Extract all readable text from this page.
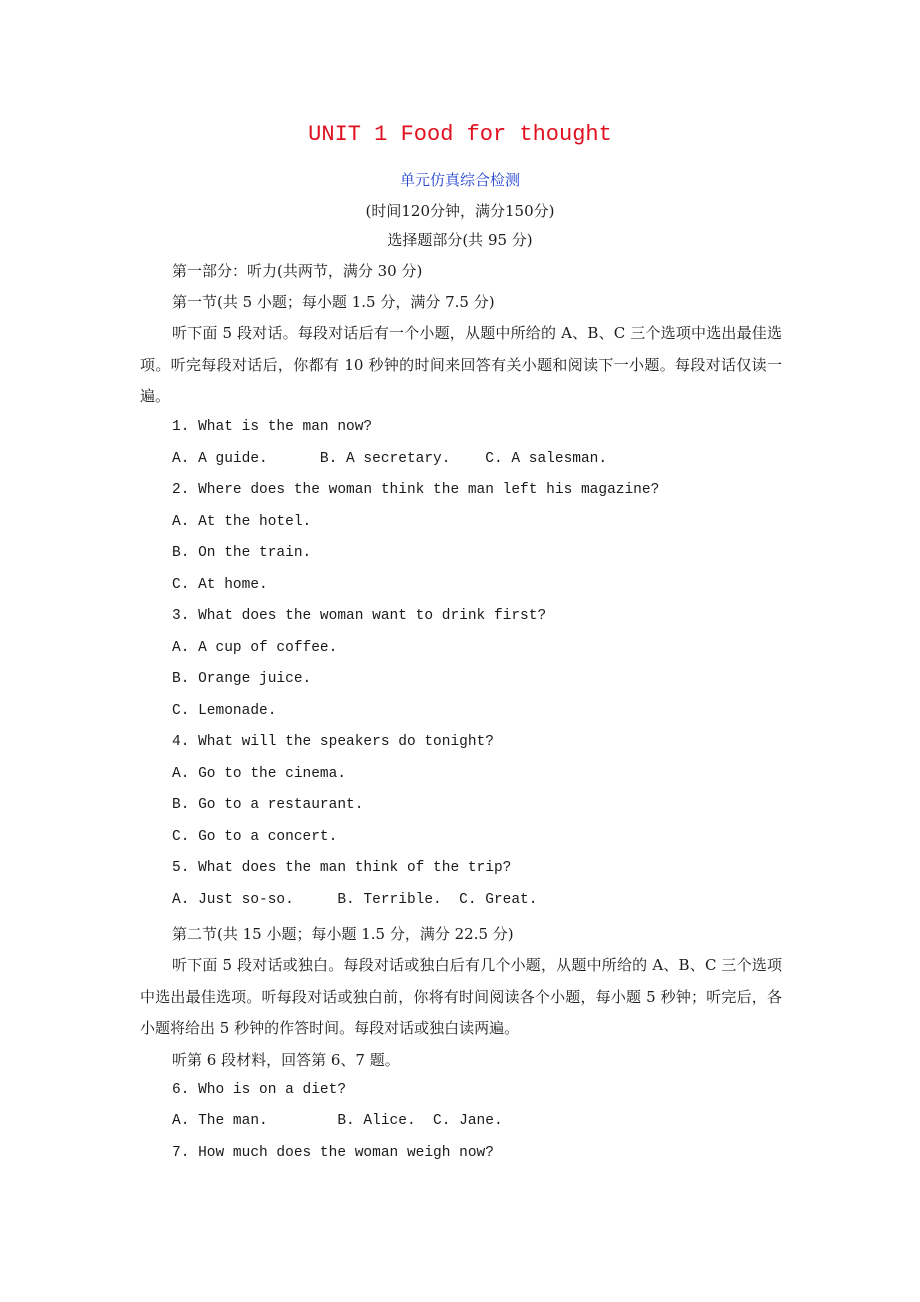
UNIT 1 Food for thought
单元仿真综合检测
(时间120分钟，满分150分)
选择题部分(共 95 分)
第一部分：听力(共两节，满分 30 分)
第一节(共 5 小题；每小题 1.5 分，满分 7.5 分)
听下面 5 段对话。每段对话后有一个小题，从题中所给的 A、B、C 三个选项中选出最佳选项。听完每段对话后，你都有 10 秒钟的时间来回答有关小题和阅读下一小题。每段对话仅读一遍。
1. What is the man now?
A. A guide.      B. A secretary.    C. A salesman.
2. Where does the woman think the man left his magazine?
A. At the hotel.
B. On the train.
C. At home.
3. What does the woman want to drink first?
A. A cup of coffee.
B. Orange juice.
C. Lemonade.
4. What will the speakers do tonight?
A. Go to the cinema.
B. Go to a restaurant.
C. Go to a concert.
5. What does the man think of the trip?
A. Just so-so.     B. Terrible.  C. Great.
第二节(共 15 小题；每小题 1.5 分，满分 22.5 分)
听下面 5 段对话或独白。每段对话或独白后有几个小题，从题中所给的 A、B、C 三个选项中选出最佳选项。听每段对话或独白前，你将有时间阅读各个小题，每小题 5 秒钟；听完后，各小题将给出 5 秒钟的作答时间。每段对话或独白读两遍。
听第 6 段材料，回答第 6、7 题。
6. Who is on a diet?
A. The man.        B. Alice.  C. Jane.
7. How much does the woman weigh now?
